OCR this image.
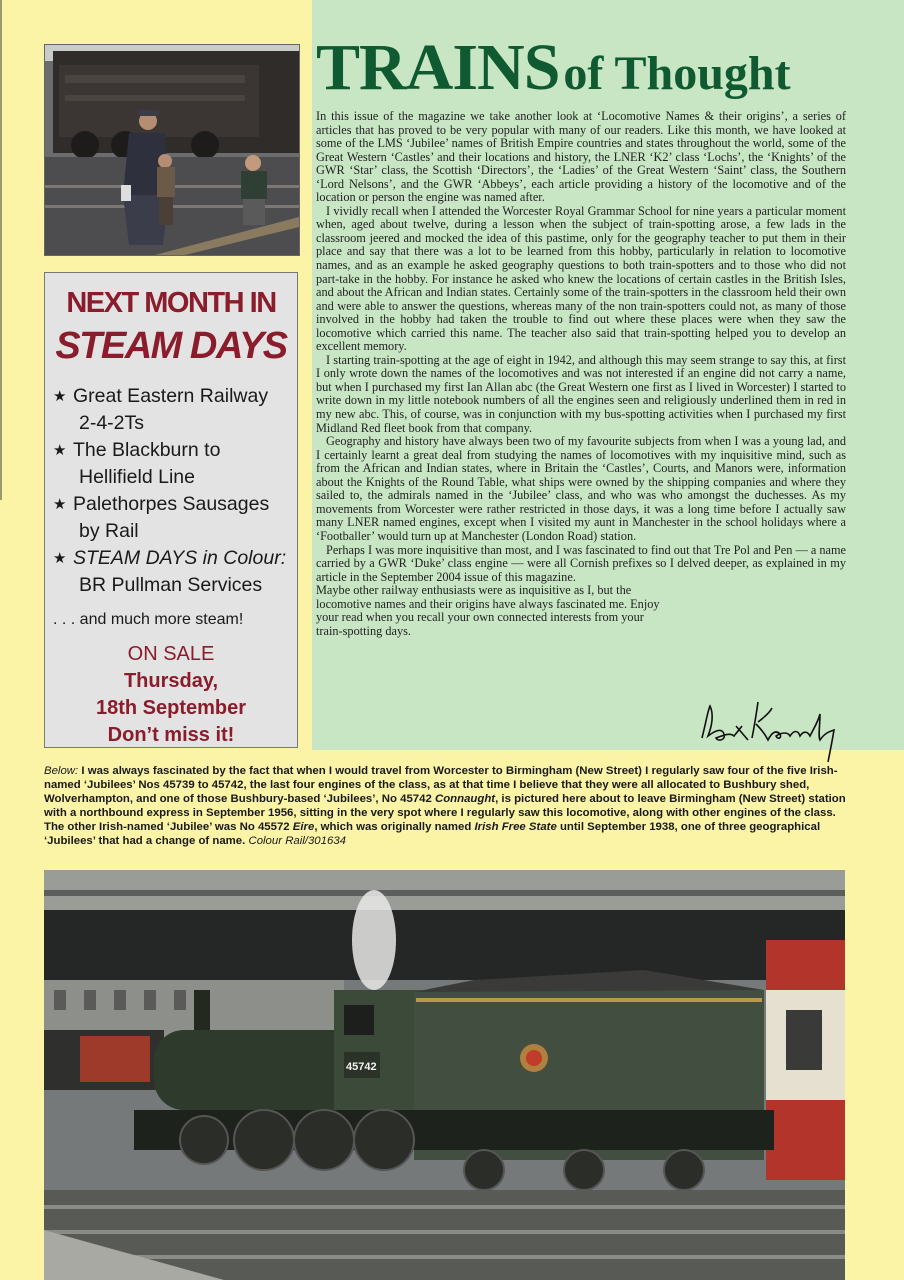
NEXT MONTH IN
STEAM DAYS
★ Great Eastern Railway
2-4-2Ts
★ The Blackburn to
Hellifield Line
★ Palethorpes Sausages
by Rail
★ STEAM DAYS in Colour:
BR Pullman Services
. . . and much more steam!
ON SALE
Thursday,
18th September
Don’t miss it!
TRAINS of Thought

In this issue of the magazine we take another look at ‘Locomotive Names & their origins’, a series of articles that has proved to be very popular with many of our readers. Like this month, we have looked at some of the LMS ‘Jubilee’ names of British Empire countries and states throughout the world, some of the Great Western ‘Castles’ and their locations and history, the LNER ‘K2’ class ‘Lochs’, the ‘Knights’ of the GWR ‘Star’ class, the Scottish ‘Directors’, the ‘Ladies’ of the Great Western ‘Saint’ class, the Southern ‘Lord Nelsons’, and the GWR ‘Abbeys’, each article providing a history of the locomotive and of the location or person the engine was named after.

I vividly recall when I attended the Worcester Royal Grammar School for nine years a particular moment when, aged about twelve, during a lesson when the subject of train-spotting arose, a few lads in the classroom jeered and mocked the idea of this pastime, only for the geography teacher to put them in their place and say that there was a lot to be learned from this hobby, particularly in relation to locomotive names, and as an example he asked geography questions to both train-spotters and to those who did not part-take in the hobby. For instance he asked who knew the locations of certain castles in the British Isles, and about the African and Indian states. Certainly some of the train-spotters in the classroom held their own and were able to answer the questions, whereas many of the non train-spotters could not, as many of those involved in the hobby had taken the trouble to find out where these places were when they saw the locomotive which carried this name. The teacher also said that train-spotting helped you to develop an excellent memory.

I starting train-spotting at the age of eight in 1942, and although this may seem strange to say this, at first I only wrote down the names of the locomotives and was not interested if an engine did not carry a name, but when I purchased my first Ian Allan abc (the Great Western one first as I lived in Worcester) I started to write down in my little notebook numbers of all the engines seen and religiously underlined them in red in my new abc. This, of course, was in conjunction with my bus-spotting activities when I purchased my first Midland Red fleet book from that company.

Geography and history have always been two of my favourite subjects from when I was a young lad, and I certainly learnt a great deal from studying the names of locomotives with my inquisitive mind, such as from the African and Indian states, where in Britain the ‘Castles’, Courts, and Manors were, information about the Knights of the Round Table, what ships were owned by the shipping companies and where they sailed to, the admirals named in the ‘Jubilee’ class, and who was who amongst the duchesses. As my movements from Worcester were rather restricted in those days, it was a long time before I actually saw many LNER named engines, except when I visited my aunt in Manchester in the school holidays where a ‘Footballer’ would turn up at Manchester (London Road) station.

Perhaps I was more inquisitive than most, and I was fascinated to find out that Tre Pol and Pen — a name carried by a GWR ‘Duke’ class engine — were all Cornish prefixes so I delved deeper, as explained in my article in the September 2004 issue of this magazine.

Maybe other railway enthusiasts were as inquisitive as I, but the locomotive names and their origins have always fascinated me. Enjoy your read when you recall your own connected interests from your train-spotting days.

Below: I was always fascinated by the fact that when I would travel from Worcester to Birmingham (New Street) I regularly saw four of the five Irish-named ‘Jubilees’ Nos 45739 to 45742, the last four engines of the class, as at that time I believe that they were all allocated to Bushbury shed, Wolverhampton, and one of those Bushbury-based ‘Jubilees’, No 45742 Connaught, is pictured here about to leave Birmingham (New Street) station with a northbound express in September 1956, sitting in the very spot where I regularly saw this locomotive, along with other engines of the class. The other Irish-named ‘Jubilee’ was No 45572 Eire, which was originally named Irish Free State until September 1938, one of three geographical ‘Jubilees’ that had a change of name. Colour Rail/301634
45742
